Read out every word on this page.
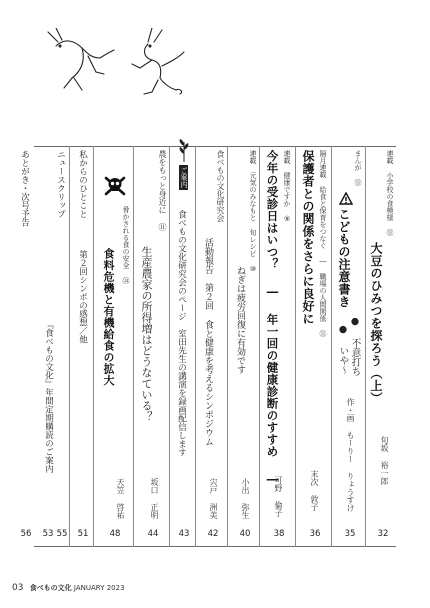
連載 小学校の食模様 ⑪
大豆のひみつを探ろう（上）
旬坂 裕一郎
32
まんが ⑪
こどもの注意書き
● 不意打ち
● いや〜
作・画 もーりー りょうすけ
35
隔月連載 給食と保育をつなぐ ― 職場の人間関係 ⑪
保護者との関係をさらに良好に
末次 敦子
36
連載 健康ですか ⑨
今年の受診日はいつ？ ― 年一回の健康診断のすすめ ―
可野 倫子
38
連載 元気のみなもと 旬レシピ ⑩
ねぎは疲労回復に有効です
小出 弥生
40
食べもの文化研究会
活動報告　第２回 食と健康を考えるシンポジウム
宍戸 洲美
42
ご案内
食べもの文化研究会のページ　室田先生の講演を録画配信します
43
農をもっと身近に ⑪
生産農家の所得増はどうなている？
坂口 正明
44
脅かされる食の安全 ㉞
食料危機と有機給食の拡大
天笠 啓祐
48
私からのひとこと
第２回シンポの感想／他
51
ニュースクリップ
『食べもの文化』年間定期購読のご案内
55
53
あとがき・次号予告
56
03 食べもの文化 JANUARY 2023
